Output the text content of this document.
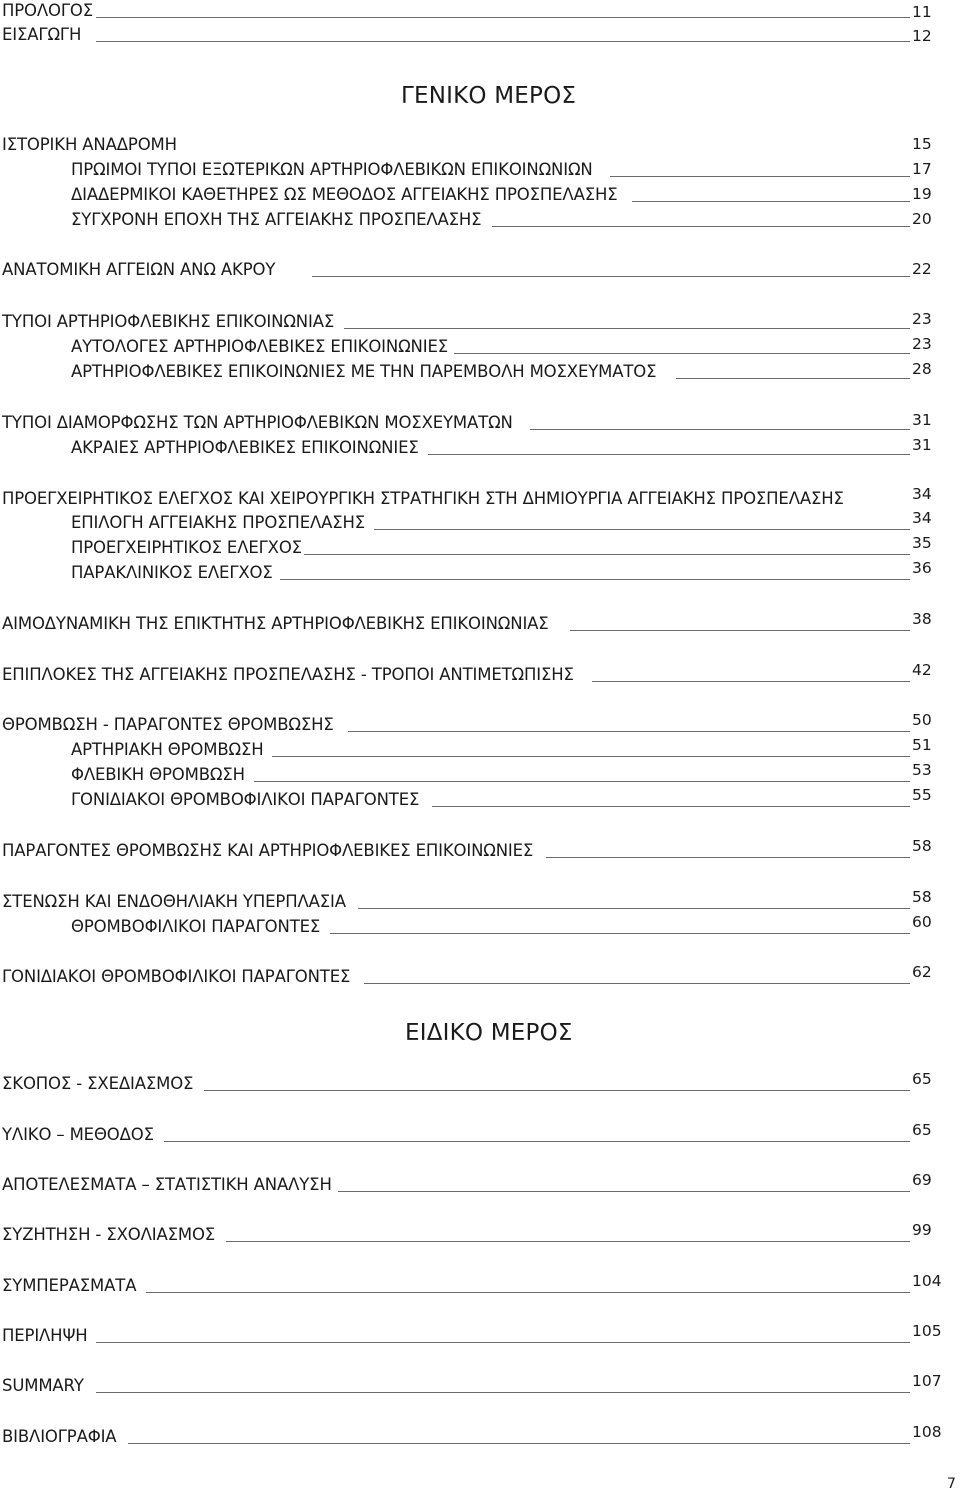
ΓΕΝΙΚΟ ΜΕΡΟΣ
ΕΙΔΙΚΟ ΜΕΡΟΣ
7
ΠΡΟΛΟΓΟΣ	11
ΕΙΣΑΓΩΓΗ	12
ΙΣΤΟΡΙΚΗ ΑΝΑΔΡΟΜΗ	15
ΠΡΩΙΜΟΙ ΤΥΠΟΙ ΕΞΩΤΕΡΙΚΩΝ ΑΡΤΗΡΙΟΦΛΕΒΙΚΩΝ ΕΠΙΚΟΙΝΩΝΙΩΝ	17
ΔΙΑΔΕΡΜΙΚΟΙ ΚΑΘΕΤΗΡΕΣ ΩΣ ΜΕΘΟΔΟΣ ΑΓΓΕΙΑΚΗΣ ΠΡΟΣΠΕΛΑΣΗΣ	19
ΣΥΓΧΡΟΝΗ ΕΠΟΧΗ ΤΗΣ ΑΓΓΕΙΑΚΗΣ ΠΡΟΣΠΕΛΑΣΗΣ	20
ΑΝΑΤΟΜΙΚΗ ΑΓΓΕΙΩΝ ΑΝΩ ΑΚΡΟΥ	22
ΤΥΠΟΙ ΑΡΤΗΡΙΟΦΛΕΒΙΚΗΣ ΕΠΙΚΟΙΝΩΝΙΑΣ	23
ΑΥΤΟΛΟΓΕΣ ΑΡΤΗΡΙΟΦΛΕΒΙΚΕΣ ΕΠΙΚΟΙΝΩΝΙΕΣ	23
ΑΡΤΗΡΙΟΦΛΕΒΙΚΕΣ ΕΠΙΚΟΙΝΩΝΙΕΣ ΜΕ ΤΗΝ ΠΑΡΕΜΒΟΛΗ ΜΟΣΧΕΥΜΑΤΟΣ	28
ΤΥΠΟΙ ΔΙΑΜΟΡΦΩΣΗΣ ΤΩΝ ΑΡΤΗΡΙΟΦΛΕΒΙΚΩΝ ΜΟΣΧΕΥΜΑΤΩΝ	31
ΑΚΡΑΙΕΣ ΑΡΤΗΡΙΟΦΛΕΒΙΚΕΣ ΕΠΙΚΟΙΝΩΝΙΕΣ	31
ΠΡΟΕΓΧΕΙΡΗΤΙΚΟΣ ΕΛΕΓΧΟΣ ΚΑΙ ΧΕΙΡΟΥΡΓΙΚΗ ΣΤΡΑΤΗΓΙΚΗ ΣΤΗ ΔΗΜΙΟΥΡΓΙΑ ΑΓΓΕΙΑΚΗΣ ΠΡΟΣΠΕΛΑΣΗΣ	34
ΕΠΙΛΟΓΗ ΑΓΓΕΙΑΚΗΣ ΠΡΟΣΠΕΛΑΣΗΣ	34
ΠΡΟΕΓΧΕΙΡΗΤΙΚΟΣ ΕΛΕΓΧΟΣ	35
ΠΑΡΑΚΛΙΝΙΚΟΣ ΕΛΕΓΧΟΣ	36
ΑΙΜΟΔΥΝΑΜΙΚΗ ΤΗΣ ΕΠΙΚΤΗΤΗΣ ΑΡΤΗΡΙΟΦΛΕΒΙΚΗΣ ΕΠΙΚΟΙΝΩΝΙΑΣ	38
ΕΠΙΠΛΟΚΕΣ ΤΗΣ ΑΓΓΕΙΑΚΗΣ ΠΡΟΣΠΕΛΑΣΗΣ - ΤΡΟΠΟΙ ΑΝΤΙΜΕΤΩΠΙΣΗΣ	42
ΘΡΟΜΒΩΣΗ - ΠΑΡΑΓΟΝΤΕΣ ΘΡΟΜΒΩΣΗΣ	50
ΑΡΤΗΡΙΑΚΗ ΘΡΟΜΒΩΣΗ	51
ΦΛΕΒΙΚΗ ΘΡΟΜΒΩΣΗ	53
ΓΟΝΙΔΙΑΚΟΙ ΘΡΟΜΒΟΦΙΛΙΚΟΙ ΠΑΡΑΓΟΝΤΕΣ	55
ΠΑΡΑΓΟΝΤΕΣ ΘΡΟΜΒΩΣΗΣ ΚΑΙ ΑΡΤΗΡΙΟΦΛΕΒΙΚΕΣ ΕΠΙΚΟΙΝΩΝΙΕΣ	58
ΣΤΕΝΩΣΗ ΚΑΙ ΕΝΔΟΘΗΛΙΑΚΗ ΥΠΕΡΠΛΑΣΙΑ	58
ΘΡΟΜΒΟΦΙΛΙΚΟΙ ΠΑΡΑΓΟΝΤΕΣ	60
ΓΟΝΙΔΙΑΚΟΙ ΘΡΟΜΒΟΦΙΛΙΚΟΙ ΠΑΡΑΓΟΝΤΕΣ	62
ΣΚΟΠΟΣ - ΣΧΕΔΙΑΣΜΟΣ	65
ΥΛΙΚΟ – ΜΕΘΟΔΟΣ	65
ΑΠΟΤΕΛΕΣΜΑΤΑ – ΣΤΑΤΙΣΤΙΚΗ ΑΝΑΛΥΣΗ	69
ΣΥΖΗΤΗΣΗ - ΣΧΟΛΙΑΣΜΟΣ	99
ΣΥΜΠΕΡΑΣΜΑΤΑ	104
ΠΕΡΙΛΗΨΗ	105
SUMMARY	107
ΒΙΒΛΙΟΓΡΑΦΙΑ	108
